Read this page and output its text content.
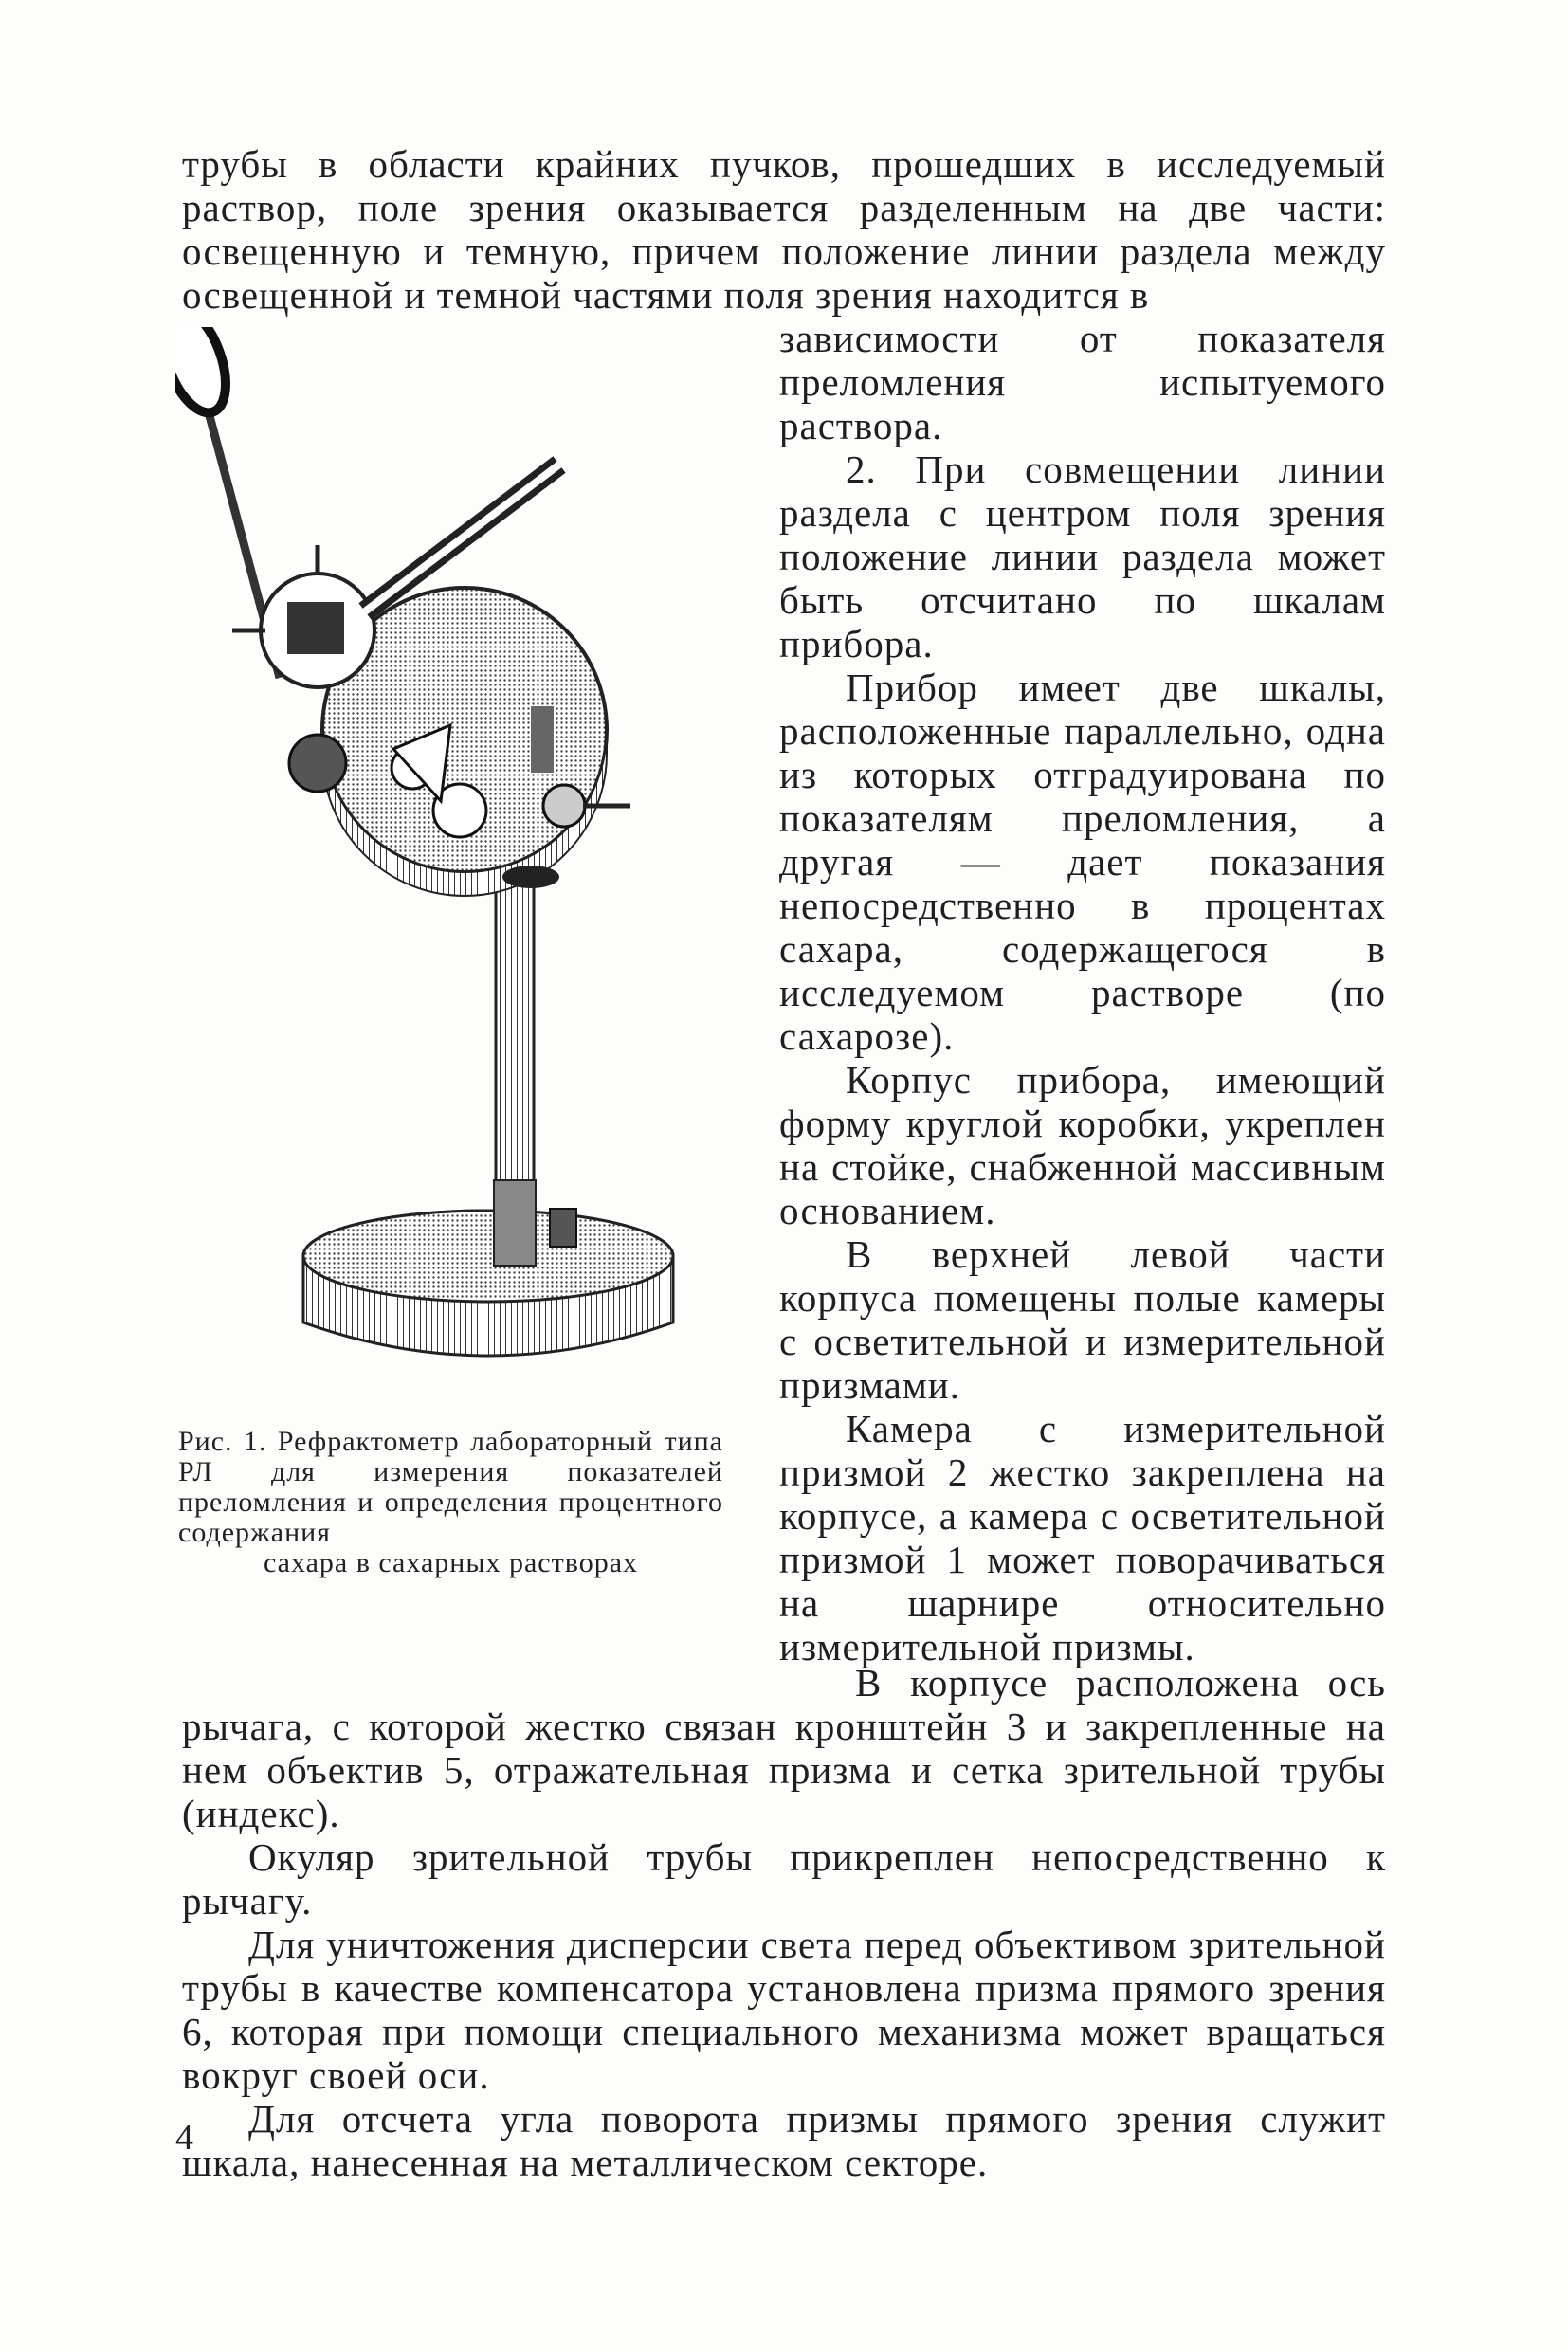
трубы в области крайних пучков, прошедших в исследуемый раствор, поле зрения оказывается разделенным на две части: освещенную и темную, причем положение линии раздела между освещенной и темной частями поля зрения находится в

зависимости от показателя преломления испытуемого раствора.

2. При совмещении линии раздела с центром поля зрения положение линии раздела может быть отсчитано по шкалам прибора.

Прибор имеет две шкалы, расположенные параллельно, одна из которых отградуирована по показателям преломления, а другая — дает показания непосредственно в процентах сахара, содержащегося в исследуемом растворе (по сахарозе).

Корпус прибора, имеющий форму круглой коробки, укреплен на стойке, снабженной массивным основанием.

В верхней левой части корпуса помещены полые камеры с осветительной и измерительной призмами.

Камера с измерительной призмой 2 жестко закреплена на корпусе, а камера с осветительной призмой 1 может поворачиваться на шарнире относительно измерительной призмы.

Рис. 1. Рефрактометр лабораторный типа РЛ для измерения показателей преломления и определения процентного содержания
сахара в сахарных растворах

В корпусе расположена ось рычага, с которой жестко связан кронштейн 3 и закрепленные на нем объектив 5, отражательная призма и сетка зрительной трубы (индекс).

Окуляр зрительной трубы прикреплен непосредственно к рычагу.

Для уничтожения дисперсии света перед объективом зрительной трубы в качестве компенсатора установлена призма прямого зрения 6, которая при помощи специального механизма может вращаться вокруг своей оси.

Для отсчета угла поворота призмы прямого зрения служит шкала, нанесенная на металлическом секторе.

4
